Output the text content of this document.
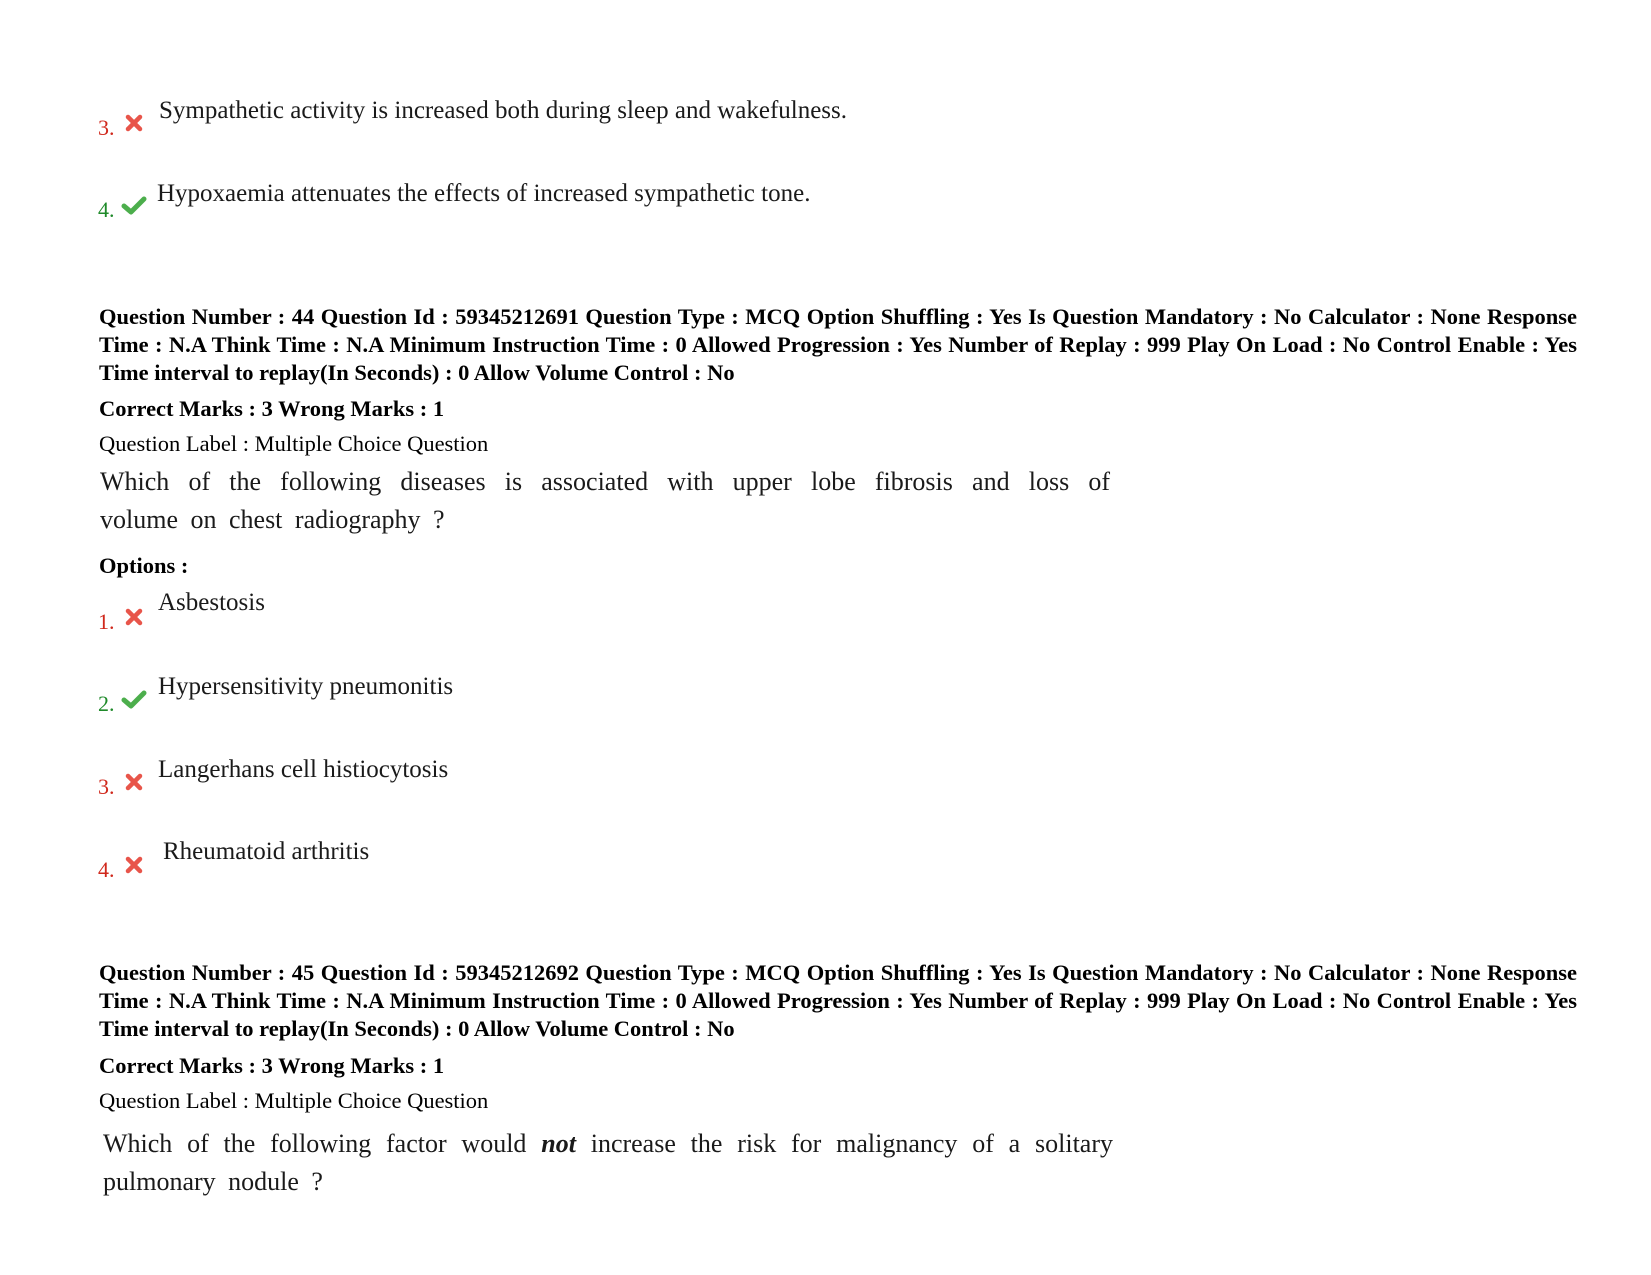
3.
Sympathetic activity is increased both during sleep and wakefulness.
4.
Hypoxaemia attenuates the effects of increased sympathetic tone.
Question Number : 44 Question Id : 59345212691 Question Type : MCQ Option Shuffling : Yes Is Question Mandatory : No Calculator : None Response Time : N.A Think Time : N.A Minimum Instruction Time : 0 Allowed Progression : Yes Number of Replay : 999 Play On Load : No Control Enable : Yes Time interval to replay(In Seconds) : 0 Allow Volume Control : No
Correct Marks : 3 Wrong Marks : 1
Question Label : Multiple Choice Question
Which of the following diseases is associated with upper lobe fibrosis and loss of volume on chest radiography ?
Options :
1.
Asbestosis
2.
Hypersensitivity pneumonitis
3.
Langerhans cell histiocytosis
4.
Rheumatoid arthritis
Question Number : 45 Question Id : 59345212692 Question Type : MCQ Option Shuffling : Yes Is Question Mandatory : No Calculator : None Response Time : N.A Think Time : N.A Minimum Instruction Time : 0 Allowed Progression : Yes Number of Replay : 999 Play On Load : No Control Enable : Yes Time interval to replay(In Seconds) : 0 Allow Volume Control : No
Correct Marks : 3 Wrong Marks : 1
Question Label : Multiple Choice Question
Which of the following factor would not increase the risk for malignancy of a solitary pulmonary nodule ?
